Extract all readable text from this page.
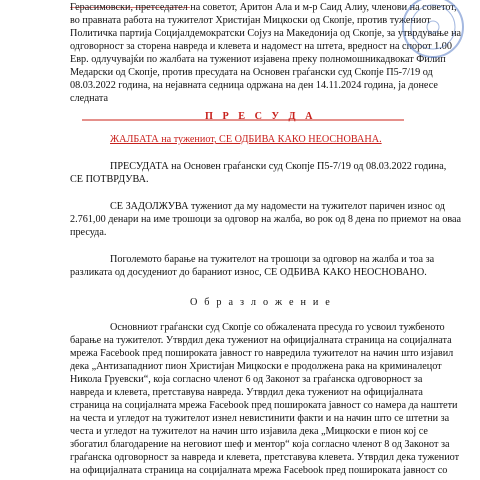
Герасимовски, претседател на советот, Аритон Ала и м-р Саид Алиу, членови на советот,
во правната работа на тужителот Христијан Мицкоски од Скопје, против тужениот
Политичка партија Социјалдемократски Сојуз на Македонија од Скопје, за утврдување на
одговорност за сторена навреда и клевета и надомест на штета, вредност на спорот 1.00
Евр. одлучувајќи по жалбата на тужениот изјавена преку полномошникадвокат Филип
Медарски од Скопје, против пресудата на Основен граѓански суд Скопје П5-7/19 од
08.03.2022 година, на нејавната седница одржана на ден 14.11.2024 година, ја донесе
следната
П Р Е С У Д А
ЖАЛБАТА на тужениот, СЕ ОДБИВА КАКО НЕОСНОВАНА.
ПРЕСУДАТА на Основен граѓански суд Скопје П5-7/19 од 08.03.2022 година,
СЕ ПОТВРДУВА.
СЕ ЗАДОЛЖУВА тужениот да му надомести на тужителот паричен износ од
2.761,00 денари на име трошоци за одговор на жалба, во рок од 8 дена по приемот на оваа
пресуда.
Поголемото барање на тужителот на трошоци за одговор на жалба и тоа за
разликата од досудениот до бараниот износ, СЕ ОДБИВА КАКО НЕОСНОВАНО.
О б р а з л о ж е н и е
Основниот граѓански суд Скопје со обжалената пресуда го усвоил тужбеното
барање на тужителот. Утврдил дека тужениот на официјалната страница на социјалната
мрежа Facebook пред пошироката јавност го навредила тужителот на начин што изјавил
дека „Антизападниот пион Христијан Мицкоски е продолжена рака на криминалецот
Никола Груевски“, која согласно членот 6 од Законот за граѓанска одговорност за
навреда и клевета, претставува навреда. Утврдил дека тужениот на официјалната
страница на социјалната мрежа Facebook пред пошироката јавност со намера да наштети
на честа и угледот на тужителот изнел невистинити факти и на начин што се штетни за
честа и угледот на тужителот на начин што изјавила дека „Мицкоски е пион кој се
збогатил благодарение на неговиот шеф и ментор“ која согласно членот 8 од Законот за
граѓанска одговорност за навреда и клевета, претставува клевета. Утврдил дека тужениот
на официјалната страница на социјалната мрежа Facebook пред пошироката јавност со
